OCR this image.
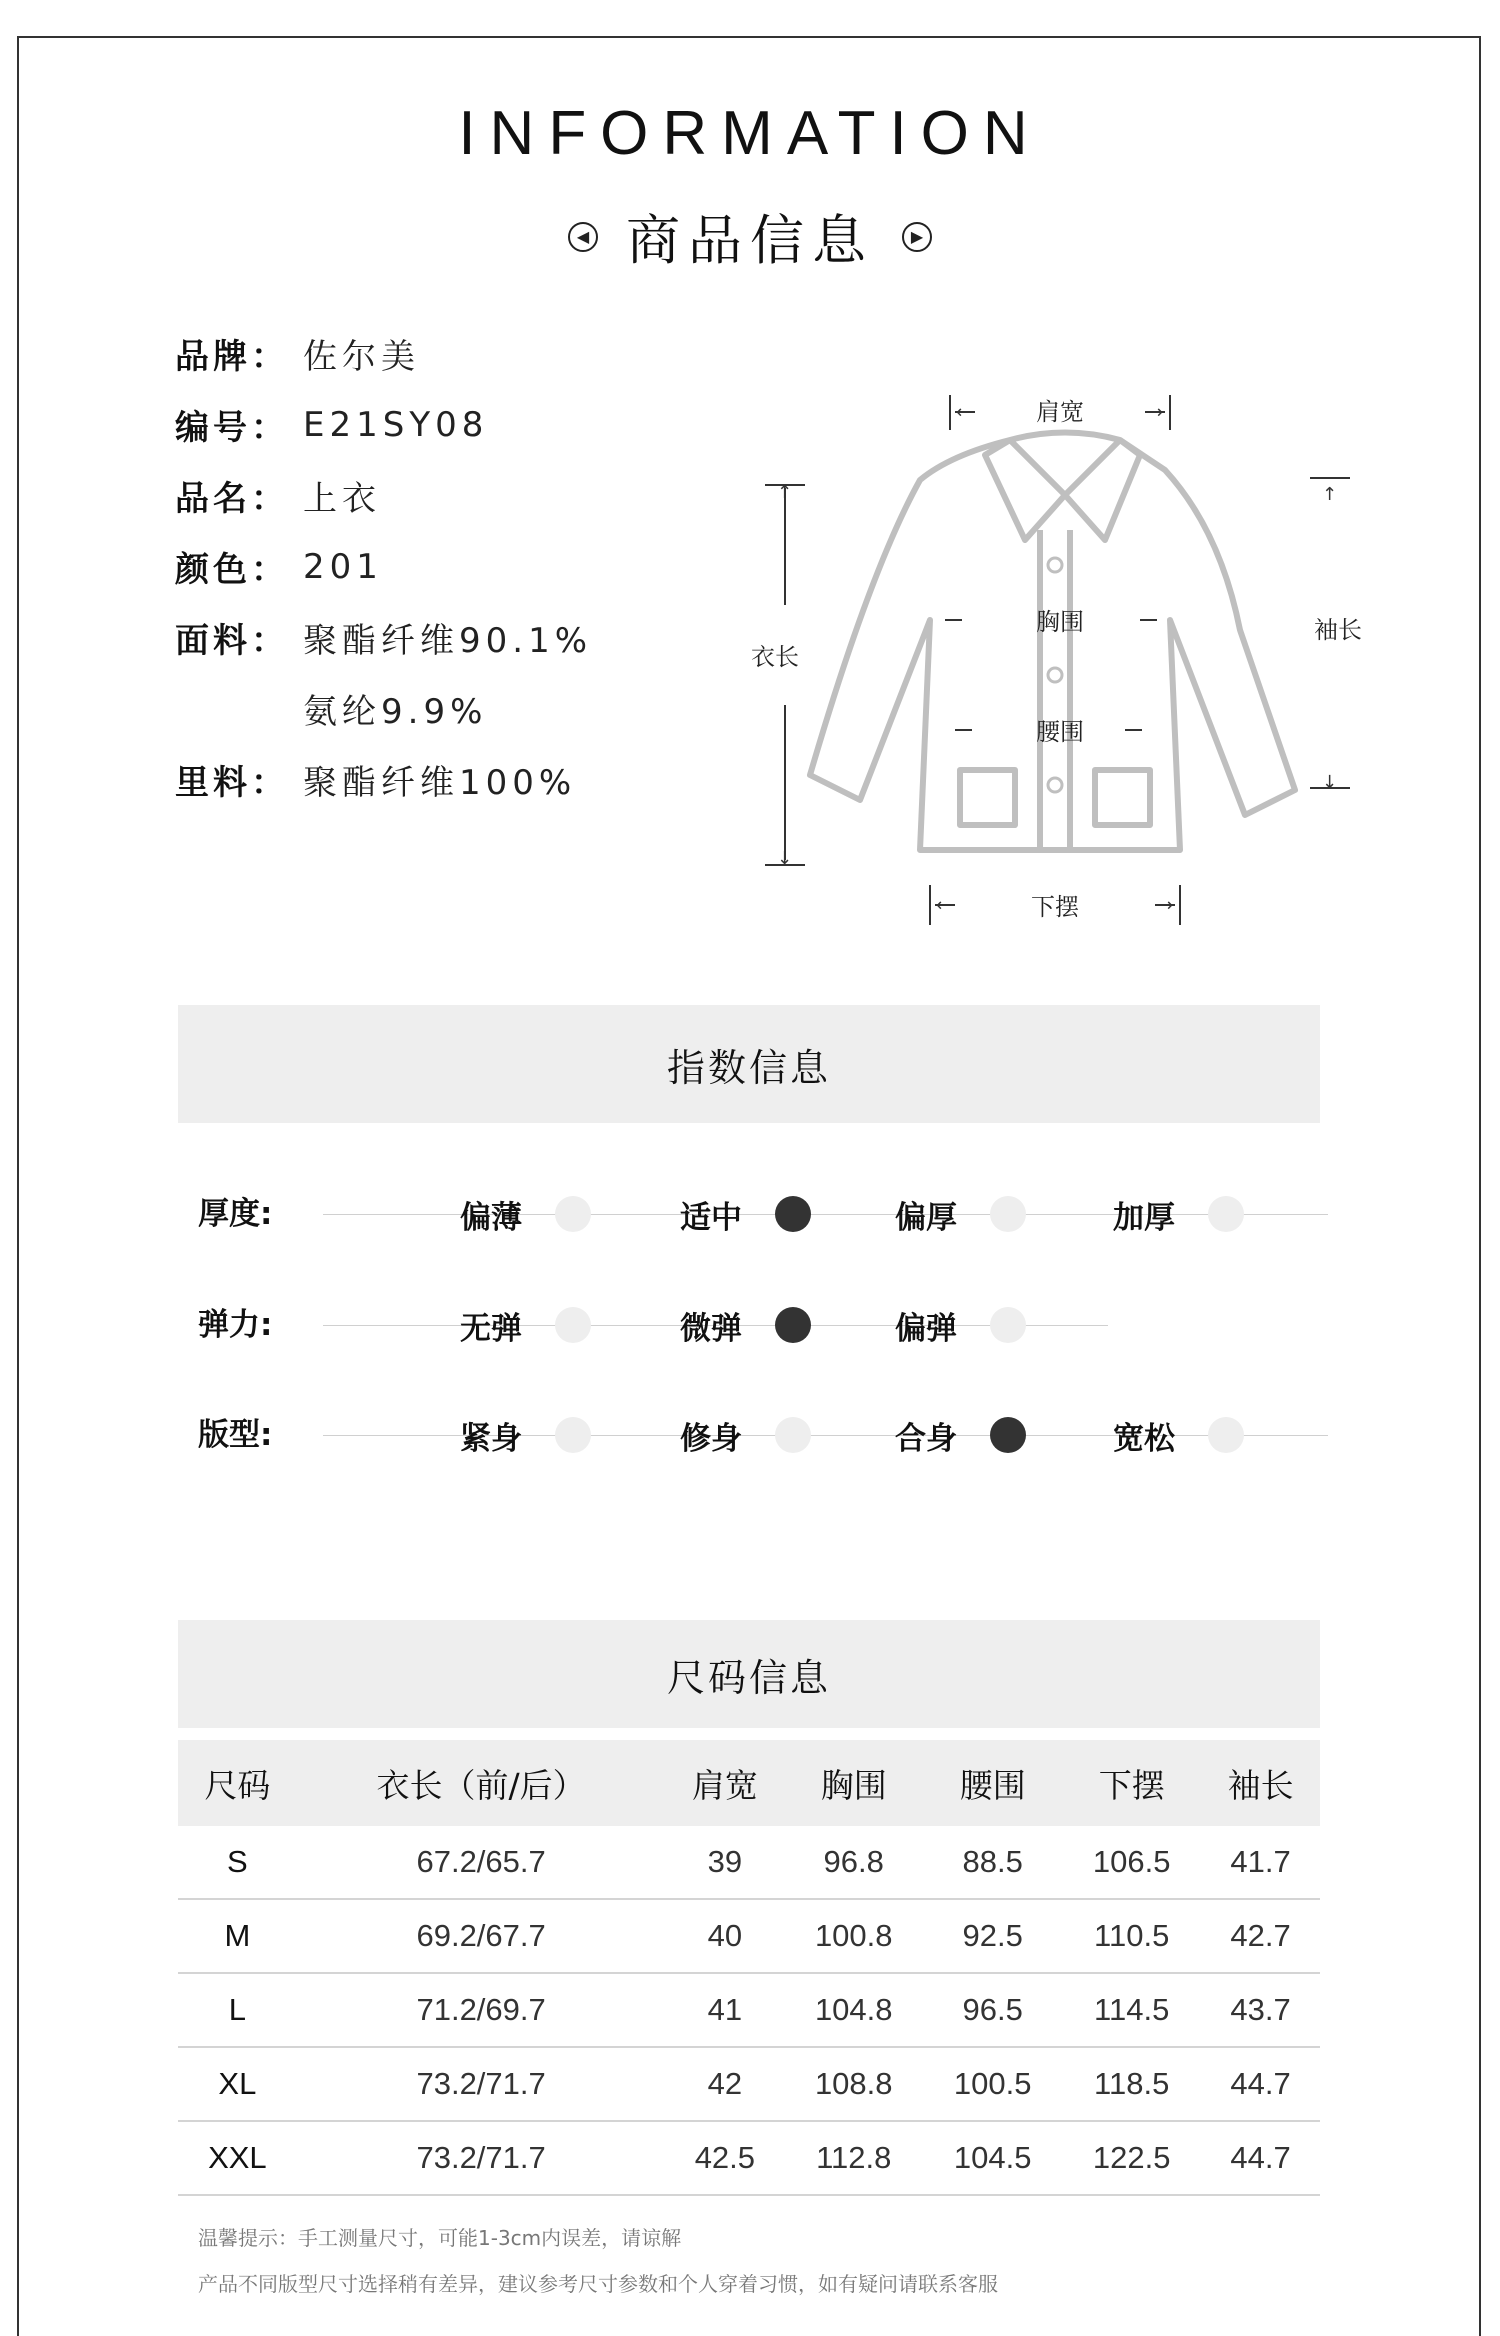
INFORMATION
◀ 商品信息	▶
品牌： 佐尔美
编号： E21SY08
品名： 上衣
颜色： 201
面料： 聚酯纤维90.1%
氨纶9.9%
里料： 聚酯纤维100%
←	→
↑
↓
↑
↓
←	→
肩宽
衣长
胸围
腰围
下摆
袖长
指数信息
厚度:	偏薄	适中	偏厚	加厚
弹力:	无弹	微弹	偏弹
版型:	紧身	修身	合身	宽松
尺码信息
尺码	衣长（前/后）	肩宽	胸围	腰围	下摆	袖长
S	67.2/65.7	39	96.8	88.5	106.5	41.7
M	69.2/67.7	40	100.8	92.5	110.5	42.7
L	71.2/69.7	41	104.8	96.5	114.5	43.7
XL	73.2/71.7	42	108.8	100.5	118.5	44.7
XXL	73.2/71.7	42.5	112.8	104.5	122.5	44.7
温馨提示：手工测量尺寸，可能1-3cm内误差，请谅解
产品不同版型尺寸选择稍有差异，建议参考尺寸参数和个人穿着习惯，如有疑问请联系客服
